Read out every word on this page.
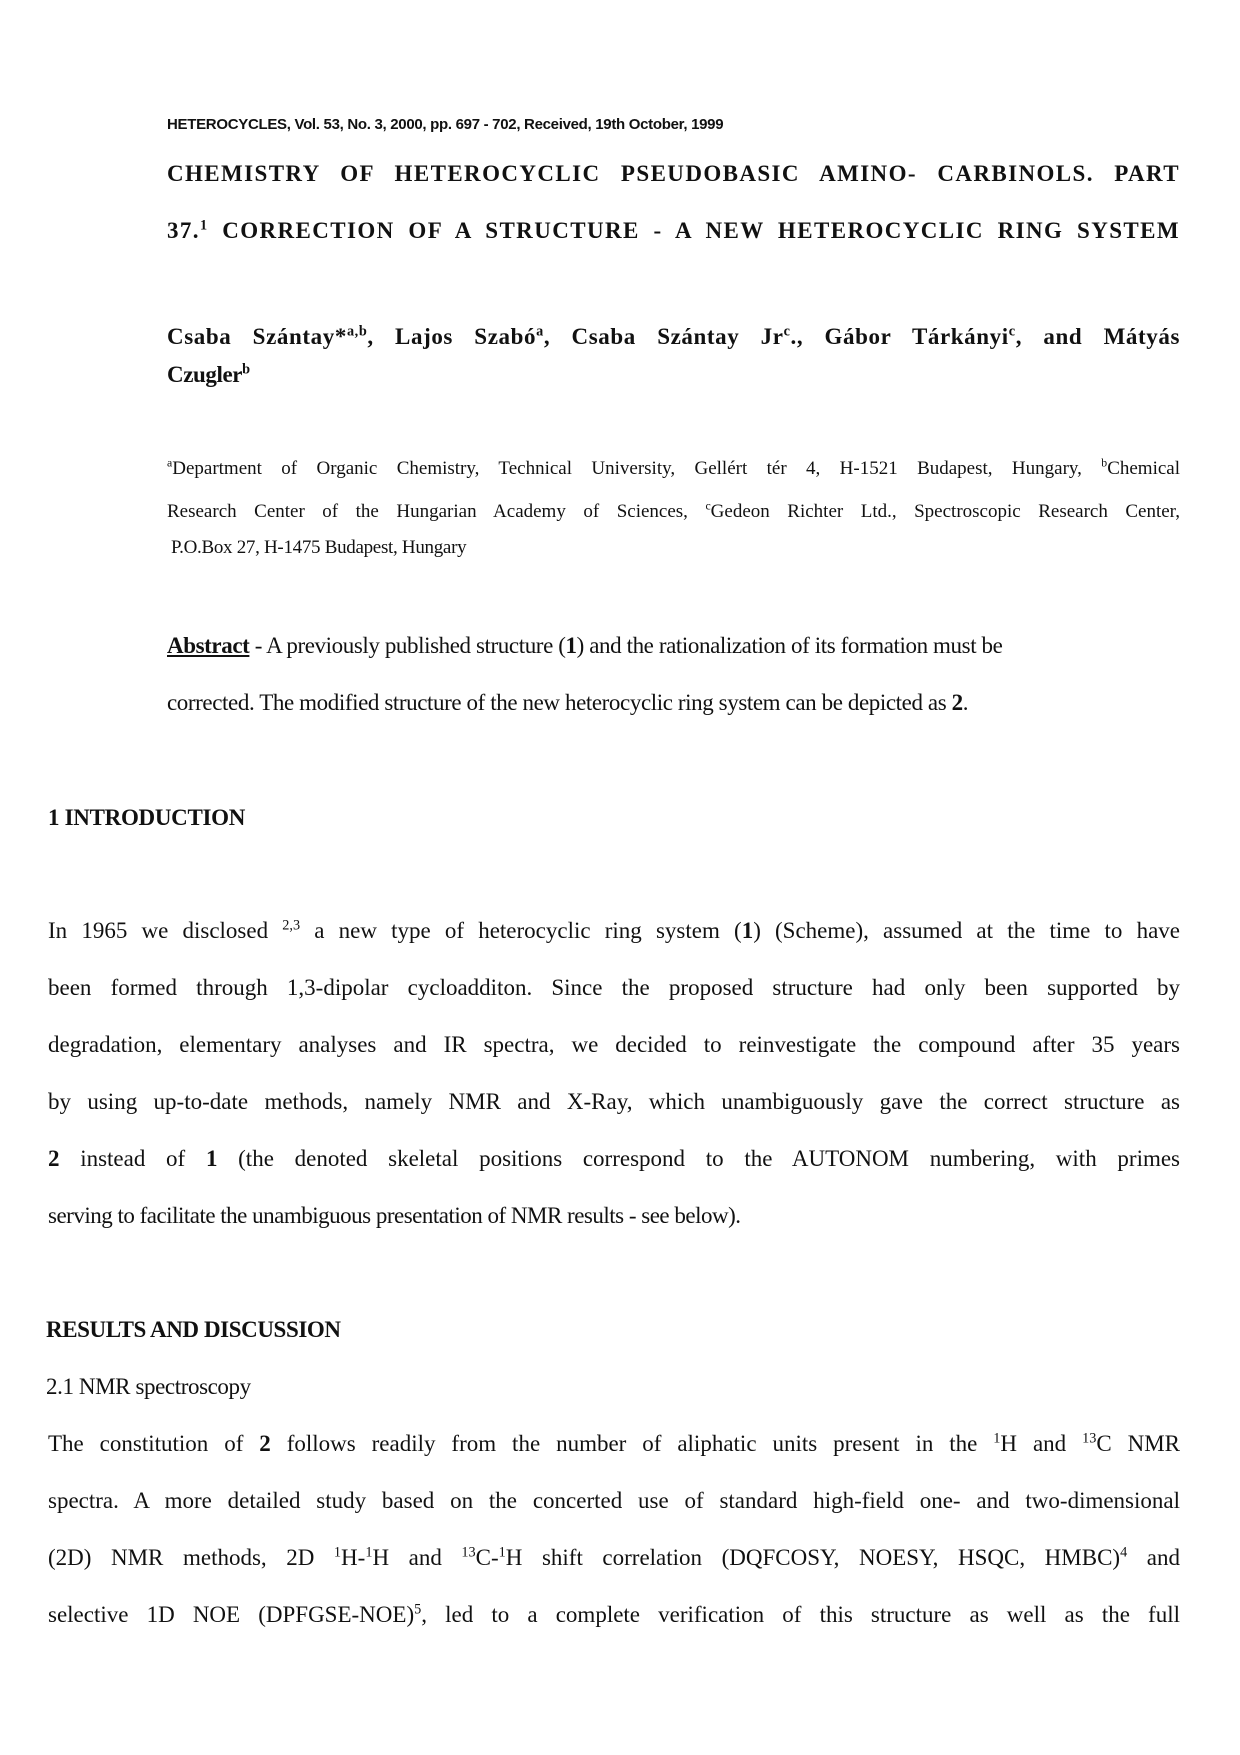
HETEROCYCLES, Vol. 53, No. 3, 2000, pp. 697 - 702, Received, 19th October, 1999
CHEMISTRY OF HETEROCYCLIC PSEUDOBASIC AMINO- CARBINOLS. PART
37.$^1$ CORRECTION OF A STRUCTURE - A NEW HETEROCYCLIC RING SYSTEM
Csaba Szántay*$^{a,b}$, Lajos Szabó$^a$, Csaba Szántay Jr$^c$., Gábor Tárkányi$^c$, and Mátyás
Czugler$^b$
$^a$Department of Organic Chemistry, Technical University, Gellért tér 4, H-1521 Budapest, Hungary, $^b$Chemical
Research Center of the Hungarian Academy of Sciences, $^c$Gedeon Richter Ltd., Spectroscopic Research Center,
P.O.Box 27, H-1475 Budapest, Hungary
Abstract - A previously published structure (1) and the rationalization of its formation must be
corrected. The modified structure of the new heterocyclic ring system can be depicted as 2.
1 INTRODUCTION
In 1965 we disclosed $^{2,3}$ a new type of heterocyclic ring system (1) (Scheme), assumed at the time to have
been formed through 1,3-dipolar cycloadditon. Since the proposed structure had only been supported by
degradation, elementary analyses and IR spectra, we decided to reinvestigate the compound after 35 years
by using up-to-date methods, namely NMR and X-Ray, which unambiguously gave the correct structure as
2 instead of 1 (the denoted skeletal positions correspond to the AUTONOM numbering, with primes
serving to facilitate the unambiguous presentation of NMR results - see below).
RESULTS AND DISCUSSION
2.1 NMR spectroscopy
The constitution of 2 follows readily from the number of aliphatic units present in the $^1$H and $^{13}$C NMR
spectra. A more detailed study based on the concerted use of standard high-field one- and two-dimensional
(2D) NMR methods, 2D $^1$H-$^1$H and $^{13}$C-$^1$H shift correlation (DQFCOSY, NOESY, HSQC, HMBC)$^4$ and
selective 1D NOE (DPFGSE-NOE)$^5$, led to a complete verification of this structure as well as the full
